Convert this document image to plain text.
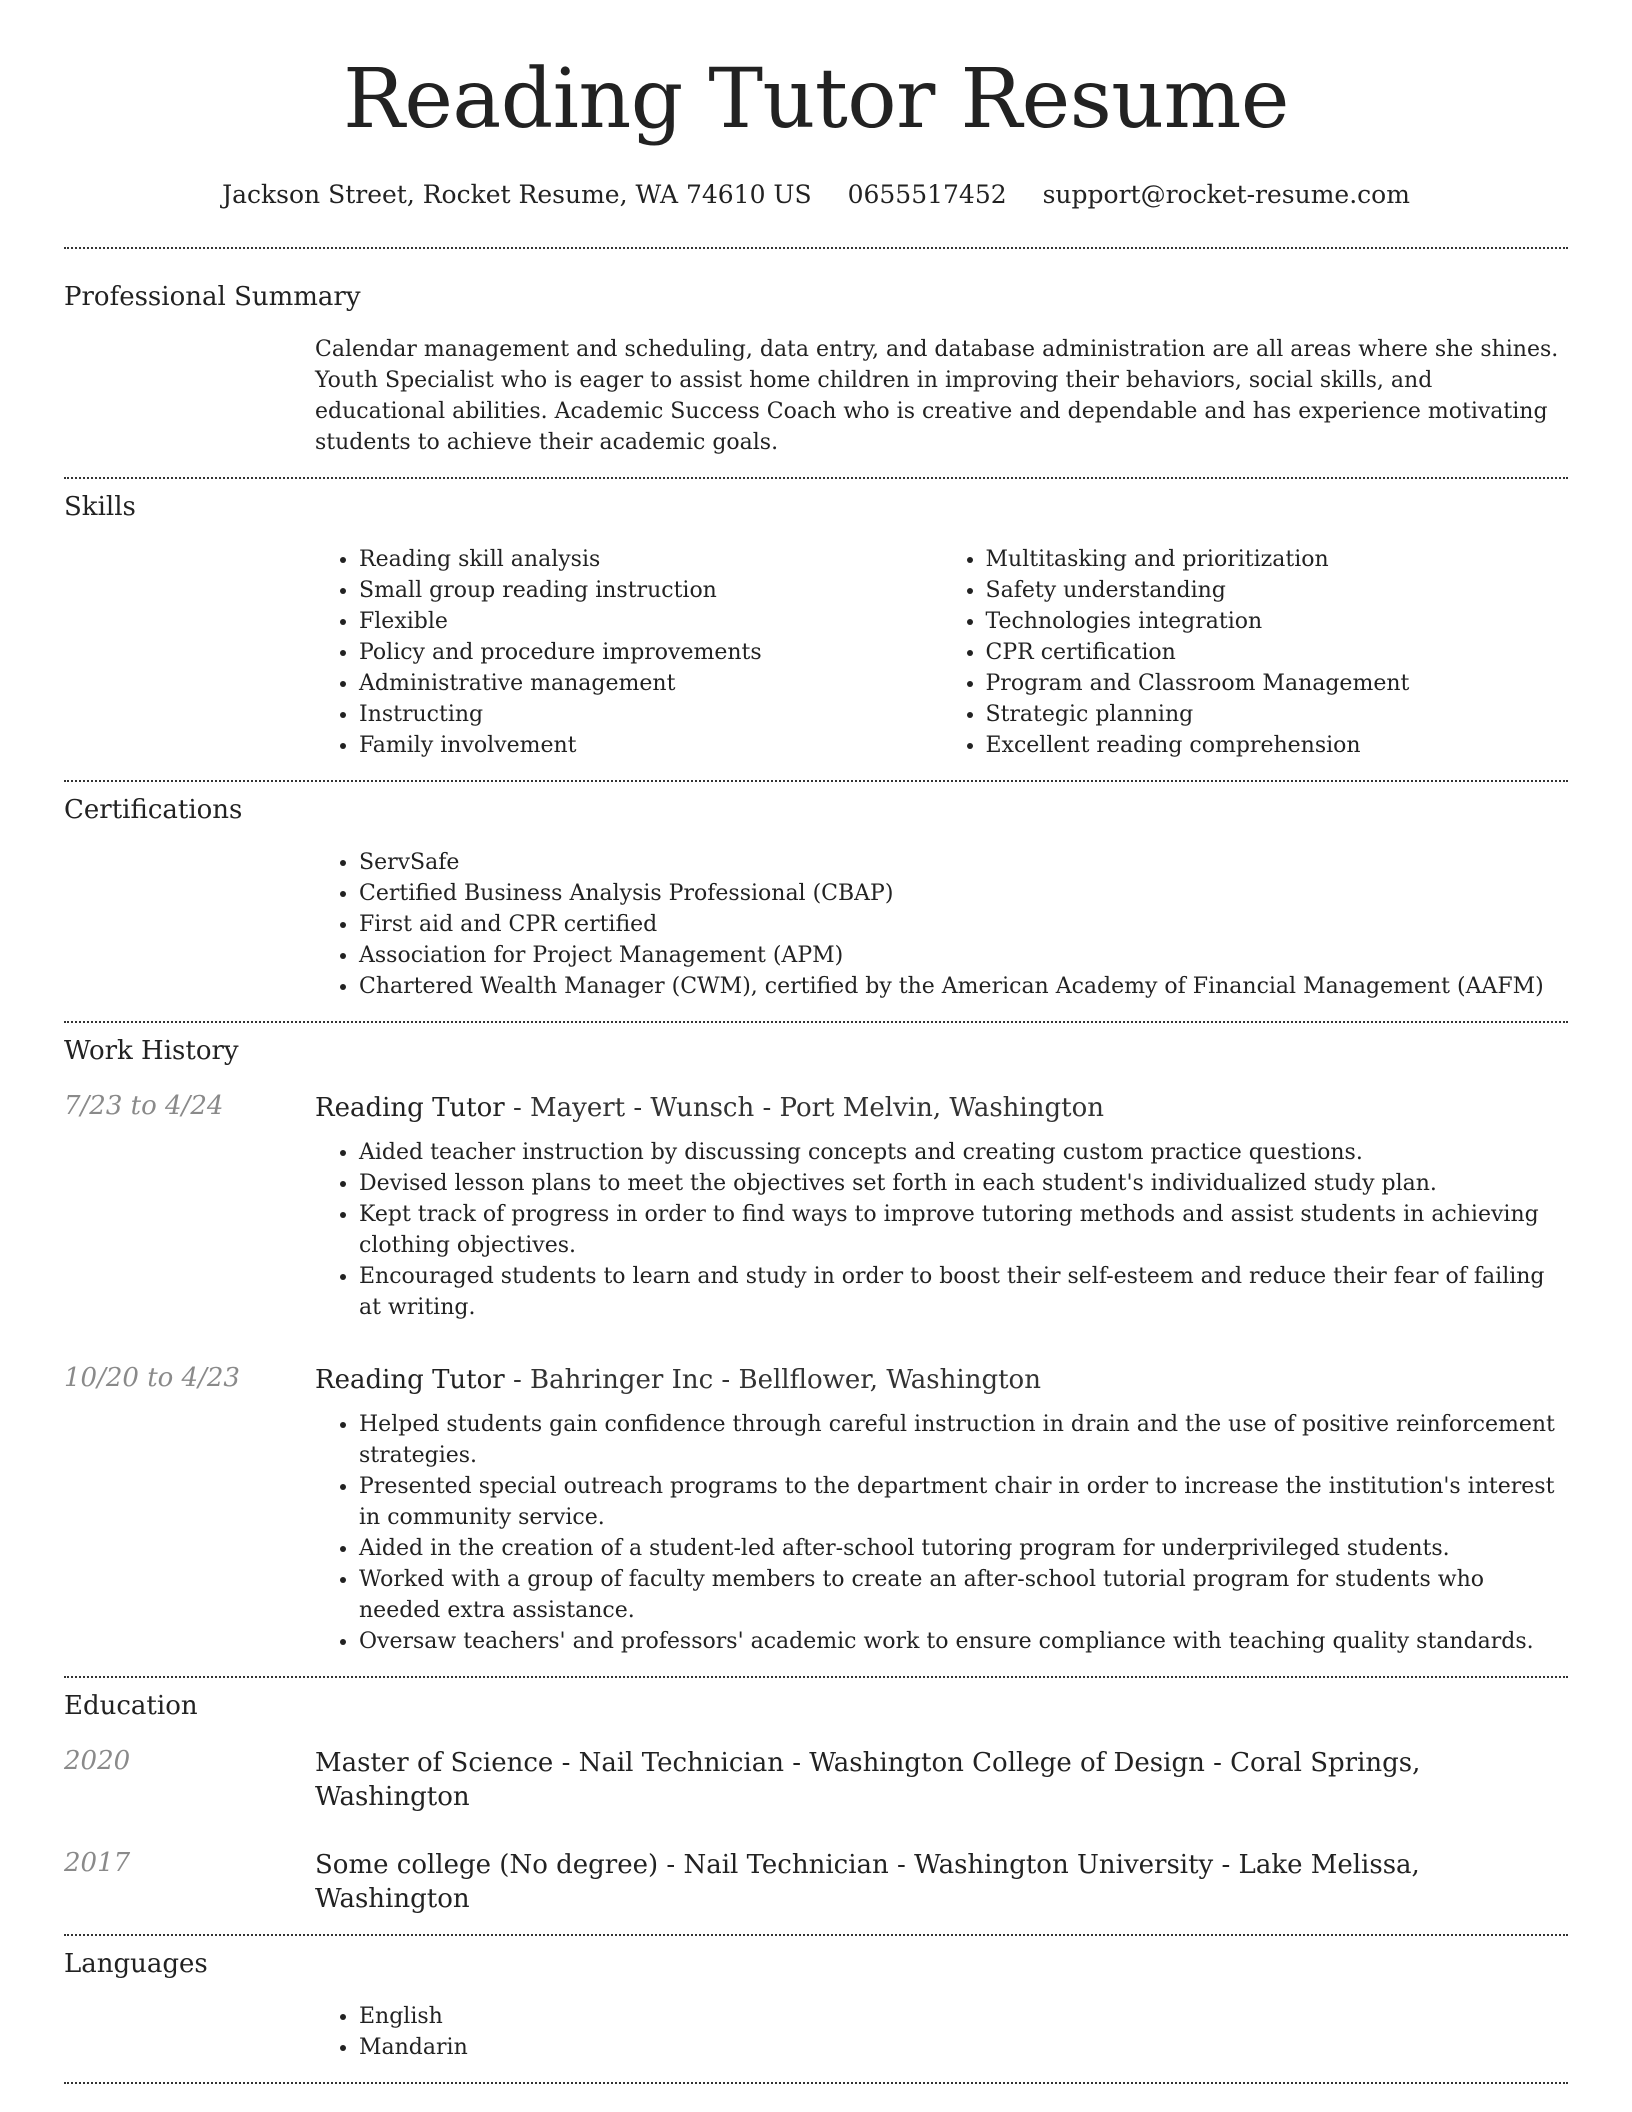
Reading Tutor Resume
Jackson Street, Rocket Resume, WA 74610 US 0655517452 support@rocket-resume.com
Professional Summary
Calendar management and scheduling, data entry, and database administration are all areas where she shines. Youth Specialist who is eager to assist home children in improving their behaviors, social skills, and educational abilities. Academic Success Coach who is creative and dependable and has experience motivating students to achieve their academic goals.
Skills
• Reading skill analysis
• Small group reading instruction
• Flexible
• Policy and procedure improvements
• Administrative management
• Instructing
• Family involvement
• Multitasking and prioritization
• Safety understanding
• Technologies integration
• CPR certification
• Program and Classroom Management
• Strategic planning
• Excellent reading comprehension
Certifications
• ServSafe
• Certified Business Analysis Professional (CBAP)
• First aid and CPR certified
• Association for Project Management (APM)
• Chartered Wealth Manager (CWM), certified by the American Academy of Financial Management (AAFM)
Work History
7/23 to 4/24	Reading Tutor - Mayert - Wunsch - Port Melvin, Washington
• Aided teacher instruction by discussing concepts and creating custom practice questions.
• Devised lesson plans to meet the objectives set forth in each student's individualized study plan.
• Kept track of progress in order to find ways to improve tutoring methods and assist students in achieving clothing objectives.
• Encouraged students to learn and study in order to boost their self-esteem and reduce their fear of failing at writing.
10/20 to 4/23	Reading Tutor - Bahringer Inc - Bellflower, Washington
• Helped students gain confidence through careful instruction in drain and the use of positive reinforcement strategies.
• Presented special outreach programs to the department chair in order to increase the institution's interest in community service.
• Aided in the creation of a student-led after-school tutoring program for underprivileged students.
• Worked with a group of faculty members to create an after-school tutorial program for students who needed extra assistance.
• Oversaw teachers' and professors' academic work to ensure compliance with teaching quality standards.
Education
2020	Master of Science - Nail Technician - Washington College of Design - Coral Springs, Washington
2017	Some college (No degree) - Nail Technician - Washington University - Lake Melissa, Washington
Languages
• English
• Mandarin
